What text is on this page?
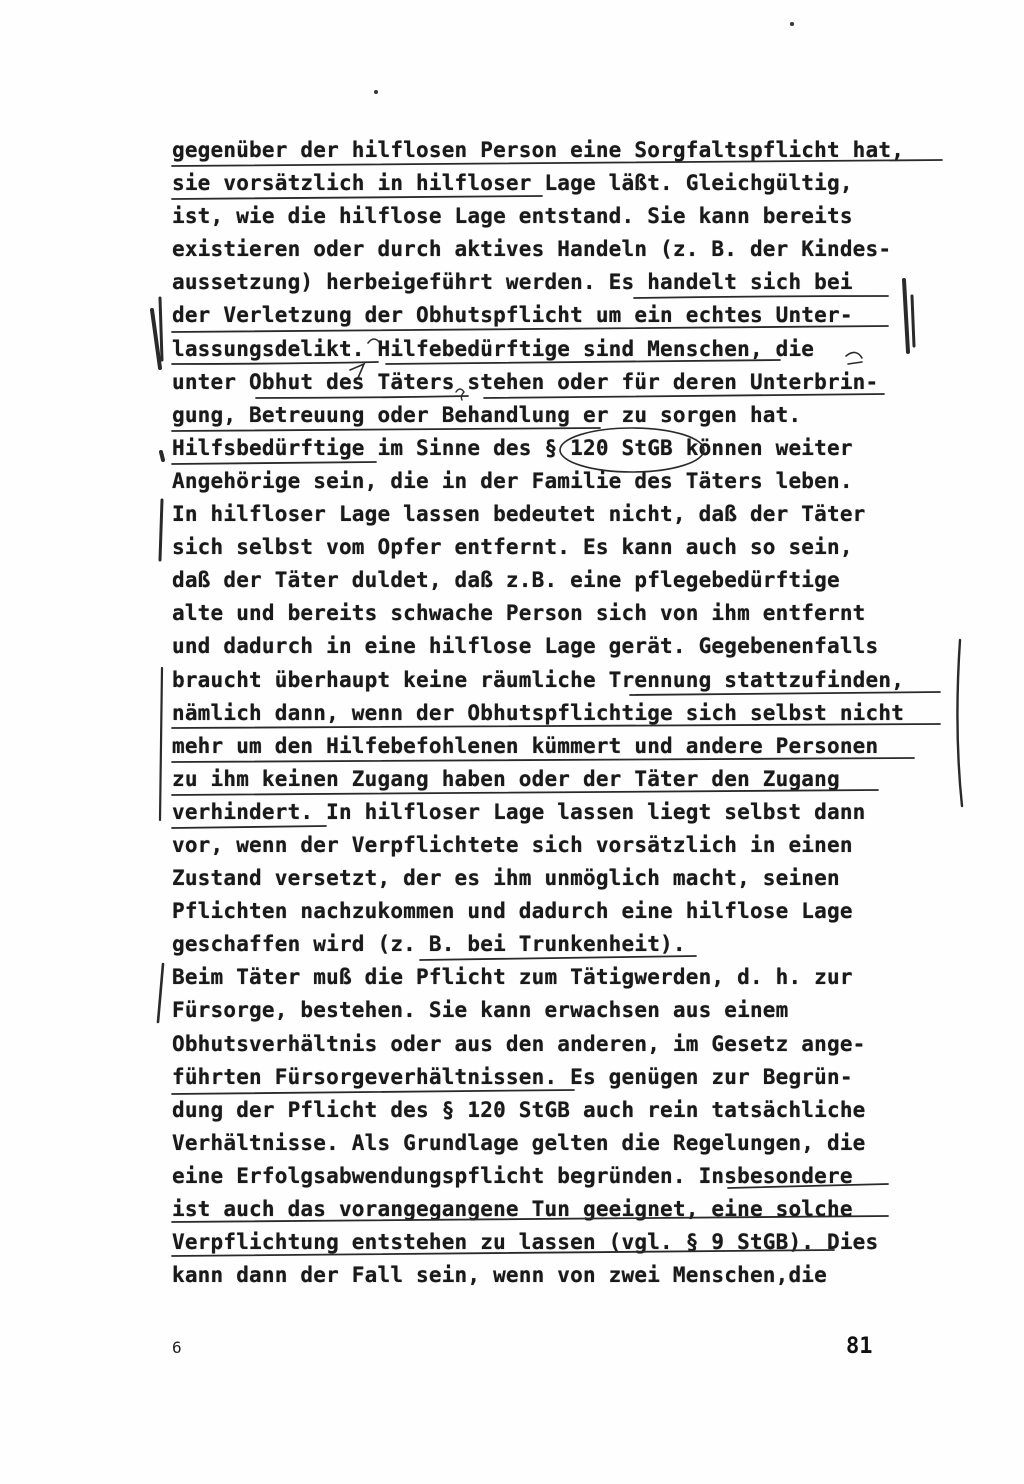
gegenüber der hilflosen Person eine Sorgfaltspflicht hat,
sie vorsätzlich in hilfloser Lage läßt. Gleichgültig,
ist, wie die hilflose Lage entstand. Sie kann bereits
existieren oder durch aktives Handeln (z. B. der Kindes-
aussetzung) herbeigeführt werden. Es handelt sich bei
der Verletzung der Obhutspflicht um ein echtes Unter-
lassungsdelikt. Hilfebedürftige sind Menschen, die
unter Obhut des Täters stehen oder für deren Unterbrin-
gung, Betreuung oder Behandlung er zu sorgen hat.
Hilfsbedürftige im Sinne des § 120 StGB können weiter
Angehörige sein, die in der Familie des Täters leben.
In hilfloser Lage lassen bedeutet nicht, daß der Täter
sich selbst vom Opfer entfernt. Es kann auch so sein,
daß der Täter duldet, daß z.B. eine pflegebedürftige
alte und bereits schwache Person sich von ihm entfernt
und dadurch in eine hilflose Lage gerät. Gegebenenfalls
braucht überhaupt keine räumliche Trennung stattzufinden,
nämlich dann, wenn der Obhutspflichtige sich selbst nicht
mehr um den Hilfebefohlenen kümmert und andere Personen
zu ihm keinen Zugang haben oder der Täter den Zugang
verhindert. In hilfloser Lage lassen liegt selbst dann
vor, wenn der Verpflichtete sich vorsätzlich in einen
Zustand versetzt, der es ihm unmöglich macht, seinen
Pflichten nachzukommen und dadurch eine hilflose Lage
geschaffen wird (z. B. bei Trunkenheit).
Beim Täter muß die Pflicht zum Tätigwerden, d. h. zur
Fürsorge, bestehen. Sie kann erwachsen aus einem
Obhutsverhältnis oder aus den anderen, im Gesetz ange-
führten Fürsorgeverhältnissen. Es genügen zur Begrün-
dung der Pflicht des § 120 StGB auch rein tatsächliche
Verhältnisse. Als Grundlage gelten die Regelungen, die
eine Erfolgsabwendungspflicht begründen. Insbesondere
ist auch das vorangegangene Tun geeignet, eine solche
Verpflichtung entstehen zu lassen (vgl. § 9 StGB). Dies
kann dann der Fall sein, wenn von zwei Menschen,die
6	81
